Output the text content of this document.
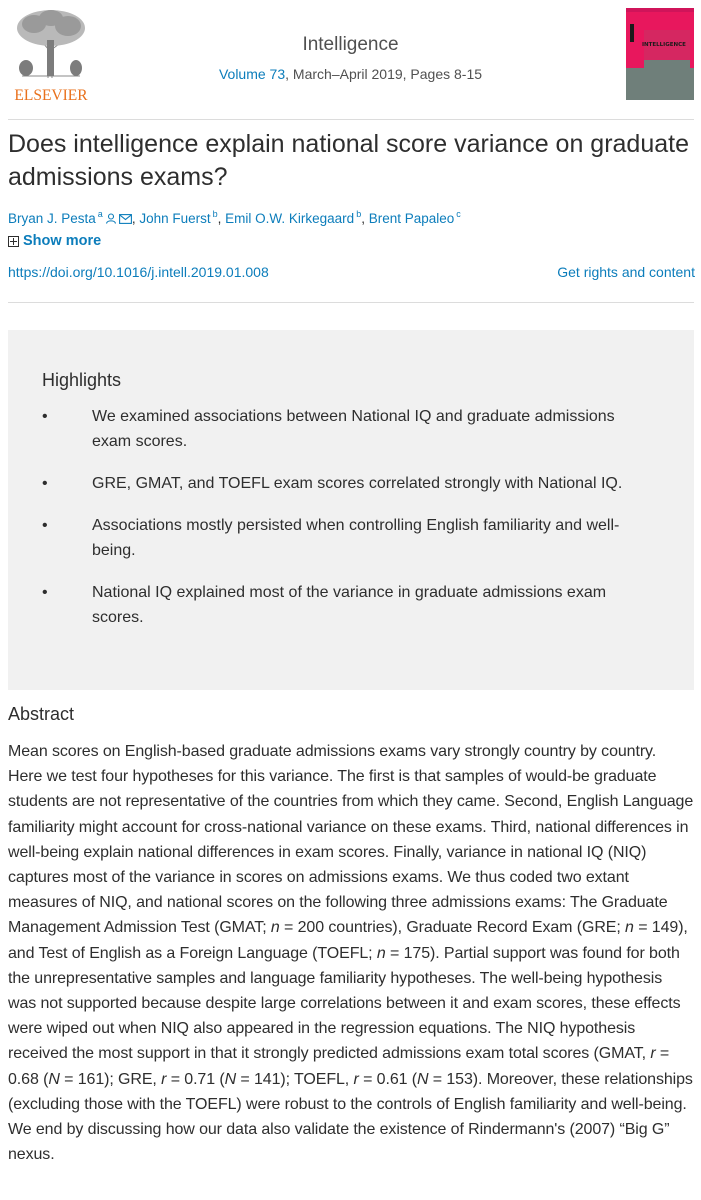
ELSEVIER
Intelligence
Volume 73, March–April 2019, Pages 8-15
INTELLIGENCE
Does intelligence explain national score variance on graduate admissions exams?
Bryan J. Pesta $^a$ , John Fuerst $^b$, Emil O.W. Kirkegaard $^b$, Brent Papaleo $^c$
Show more
https://doi.org/10.1016/j.intell.2019.01.008	Get rights and content
Highlights
•	We examined associations between National IQ and graduate admissions exam scores.
•	GRE, GMAT, and TOEFL exam scores correlated strongly with National IQ.
•	Associations mostly persisted when controlling English familiarity and well-being.
•	National IQ explained most of the variance in graduate admissions exam scores.
Abstract

Mean scores on English-based graduate admissions exams vary strongly country by country. Here we test four hypotheses for this variance. The first is that samples of would-be graduate students are not representative of the countries from which they came. Second, English Language familiarity might account for cross-national variance on these exams. Third, national differences in well-being explain national differences in exam scores. Finally, variance in national IQ (NIQ) captures most of the variance in scores on admissions exams. We thus coded two extant measures of NIQ, and national scores on the following three admissions exams: The Graduate Management Admission Test (GMAT; n = 200 countries), Graduate Record Exam (GRE; n = 149), and Test of English as a Foreign Language (TOEFL; n = 175). Partial support was found for both the unrepresentative samples and language familiarity hypotheses. The well-being hypothesis was not supported because despite large correlations between it and exam scores, these effects were wiped out when NIQ also appeared in the regression equations. The NIQ hypothesis received the most support in that it strongly predicted admissions exam total scores (GMAT, r = 0.68 (N = 161); GRE, r = 0.71 (N = 141); TOEFL, r = 0.61 (N = 153). Moreover, these relationships (excluding those with the TOEFL) were robust to the controls of English familiarity and well-being. We end by discussing how our data also validate the existence of Rindermann's (2007) “Big G” nexus.
